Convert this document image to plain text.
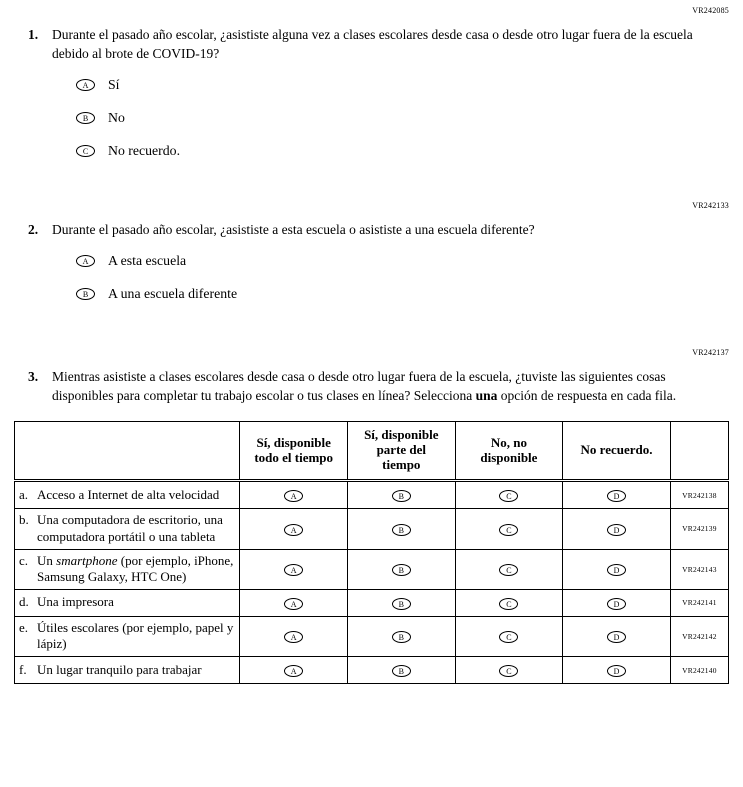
VR242085
1.	Durante el pasado año escolar, ¿asististe alguna vez a clases escolares desde casa o desde otro lugar fuera de la escuela debido al brote de COVID-19?
A	Sí
B	No
C	No recuerdo.
VR242133
2.	Durante el pasado año escolar, ¿asististe a esta escuela o asististe a una escuela diferente?
A	A esta escuela
B	A una escuela diferente
VR242137
3.	Mientras asististe a clases escolares desde casa o desde otro lugar fuera de la escuela, ¿tuviste las siguientes cosas disponibles para completar tu trabajo escolar o tus clases en línea? Selecciona una opción de respuesta en cada fila.
	Sí, disponible todo el tiempo	Sí, disponible parte del tiempo	No, no disponible	No recuerdo.	

a. Acceso a Internet de alta velocidad	A	B	C	D	VR242138

b. Una computadora de escritorio, una computadora portátil o una tableta	A	B	C	D	VR242139

c. Un smartphone (por ejemplo, iPhone, Samsung Galaxy, HTC One)	A	B	C	D	VR242143

d. Una impresora	A	B	C	D	VR242141

e. Útiles escolares (por ejemplo, papel y lápiz)	A	B	C	D	VR242142

f. Un lugar tranquilo para trabajar	A	B	C	D	VR242140
